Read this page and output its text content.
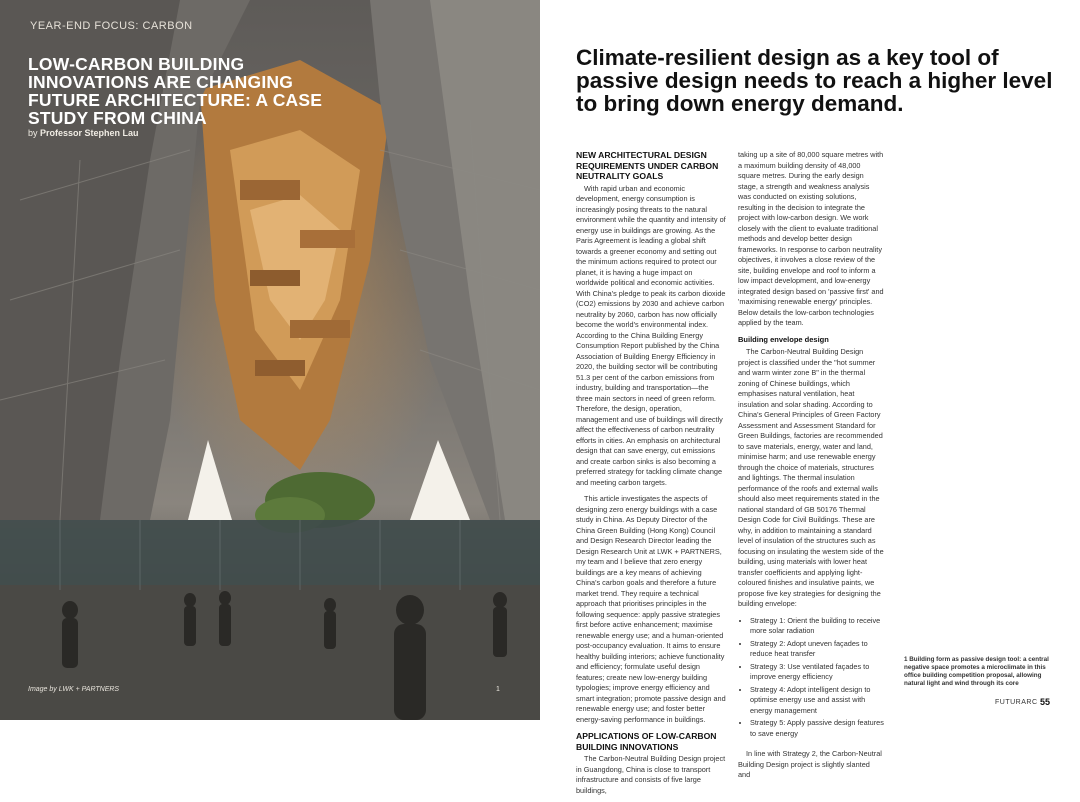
YEAR-END FOCUS: CARBON
LOW-CARBON BUILDING INNOVATIONS ARE CHANGING FUTURE ARCHITECTURE: A CASE STUDY FROM CHINA
by Professor Stephen Lau
Image by LWK + PARTNERS	1
Climate-resilient design as a key tool of passive design needs to reach a higher level to bring down energy demand.
NEW ARCHITECTURAL DESIGN REQUIREMENTS UNDER CARBON NEUTRALITY GOALS

With rapid urban and economic development, energy consumption is increasingly posing threats to the natural environment while the quantity and intensity of energy use in buildings are growing. As the Paris Agreement is leading a global shift towards a greener economy and setting out the minimum actions required to protect our planet, it is having a huge impact on worldwide political and economic activities. With China's pledge to peak its carbon dioxide (CO2) emissions by 2030 and achieve carbon neutrality by 2060, carbon has now officially become the world's environmental index. According to the China Building Energy Consumption Report published by the China Association of Building Energy Efficiency in 2020, the building sector will be contributing 51.3 per cent of the carbon emissions from industry, building and transportation—the three main sectors in need of green reform. Therefore, the design, operation, management and use of buildings will directly affect the effectiveness of carbon neutrality efforts in cities. An emphasis on architectural design that can save energy, cut emissions and create carbon sinks is also becoming a preferred strategy for tackling climate change and meeting carbon targets.

This article investigates the aspects of designing zero energy buildings with a case study in China. As Deputy Director of the China Green Building (Hong Kong) Council and Design Research Director leading the Design Research Unit at LWK + PARTNERS, my team and I believe that zero energy buildings are a key means of achieving China's carbon goals and therefore a future market trend. They require a technical approach that prioritises principles in the following sequence: apply passive strategies first before active enhancement; maximise renewable energy use; and a human-oriented post-occupancy evaluation. It aims to ensure healthy building interiors; achieve functionality and efficiency; formulate useful design features; create new low-energy building typologies; improve energy efficiency and smart integration; promote passive design and renewable energy use; and foster better energy-saving performance in buildings.

APPLICATIONS OF LOW-CARBON BUILDING INNOVATIONS

The Carbon-Neutral Building Design project in Guangdong, China is close to transport infrastructure and consists of five large buildings,

taking up a site of 80,000 square metres with a maximum building density of 48,000 square metres. During the early design stage, a strength and weakness analysis was conducted on existing solutions, resulting in the decision to integrate the project with low-carbon design. We work closely with the client to evaluate traditional methods and develop better design frameworks. In response to carbon neutrality objectives, it involves a close review of the site, building envelope and roof to inform a low impact development, and low-energy integrated design based on 'passive first' and 'maximising renewable energy' principles. Below details the low-carbon technologies applied by the team.

Building envelope design

The Carbon-Neutral Building Design project is classified under the "hot summer and warm winter zone B" in the thermal zoning of Chinese buildings, which emphasises natural ventilation, heat insulation and solar shading. According to China's General Principles of Green Factory Assessment and Assessment Standard for Green Buildings, factories are recommended to save materials, energy, water and land, minimise harm; and use renewable energy through the choice of materials, structures and lightings. The thermal insulation performance of the roofs and external walls should also meet requirements stated in the national standard of GB 50176 Thermal Design Code for Civil Buildings. These are why, in addition to maintaining a standard level of insulation of the structures such as focusing on insulating the western side of the building, using materials with lower heat transfer coefficients and applying light-coloured finishes and insulative paints, we propose five key strategies for designing the building envelope:

• Strategy 1: Orient the building to receive more solar radiation
• Strategy 2: Adopt uneven façades to reduce heat transfer
• Strategy 3: Use ventilated façades to improve energy efficiency
• Strategy 4: Adopt intelligent design to optimise energy use and assist with energy management
• Strategy 5: Apply passive design features to save energy

In line with Strategy 2, the Carbon-Neutral Building Design project is slightly slanted and

1 Building form as passive design tool: a central negative space promotes a microclimate in this office building competition proposal, allowing natural light and wind through its core
FUTURARC 55
